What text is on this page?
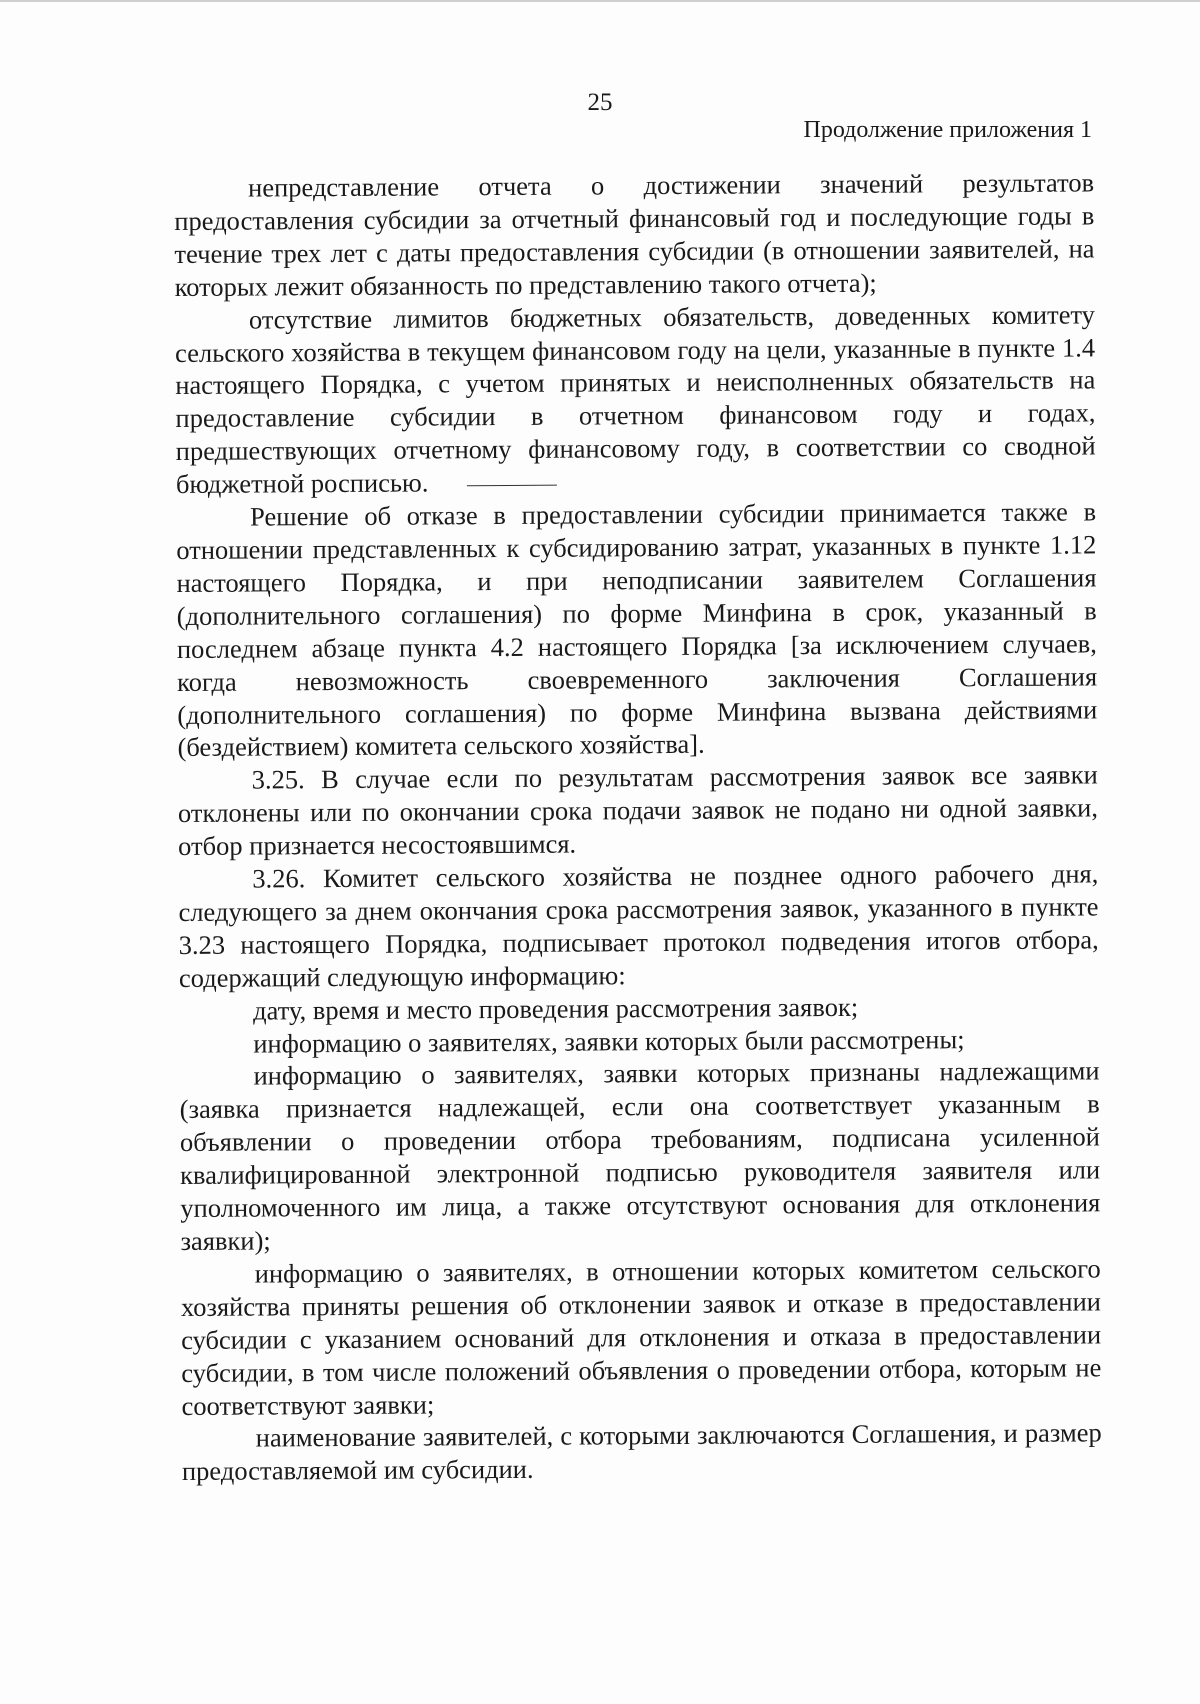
25
Продолжение приложения 1

непредставление отчета о достижении значений результатов предоставления субсидии за отчетный финансовый год и последующие годы в течение трех лет с даты предоставления субсидии (в отношении заявителей, на которых лежит обязанность по представлению такого отчета);

отсутствие лимитов бюджетных обязательств, доведенных комитету сельского хозяйства в текущем финансовом году на цели, указанные в пункте 1.4 настоящего Порядка, с учетом принятых и неисполненных обязательств на предоставление субсидии в отчетном финансовом году и годах, предшествующих отчетному финансовому году, в соответствии со сводной бюджетной росписью.

Решение об отказе в предоставлении субсидии принимается также в отношении представленных к субсидированию затрат, указанных в пункте 1.12 настоящего Порядка, и при неподписании заявителем Соглашения (дополнительного соглашения) по форме Минфина в срок, указанный в последнем абзаце пункта 4.2 настоящего Порядка [за исключением случаев, когда невозможность своевременного заключения Соглашения (дополнительного соглашения) по форме Минфина вызвана действиями (бездействием) комитета сельского хозяйства].

3.25. В случае если по результатам рассмотрения заявок все заявки отклонены или по окончании срока подачи заявок не подано ни одной заявки, отбор признается несостоявшимся.

3.26. Комитет сельского хозяйства не позднее одного рабочего дня, следующего за днем окончания срока рассмотрения заявок, указанного в пункте 3.23 настоящего Порядка, подписывает протокол подведения итогов отбора, содержащий следующую информацию:

дату, время и место проведения рассмотрения заявок;

информацию о заявителях, заявки которых были рассмотрены;

информацию о заявителях, заявки которых признаны надлежащими (заявка признается надлежащей, если она соответствует указанным в объявлении о проведении отбора требованиям, подписана усиленной квалифицированной электронной подписью руководителя заявителя или уполномоченного им лица, а также отсутствуют основания для отклонения заявки);

информацию о заявителях, в отношении которых комитетом сельского хозяйства приняты решения об отклонении заявок и отказе в предоставлении субсидии с указанием оснований для отклонения и отказа в предоставлении субсидии, в том числе положений объявления о проведении отбора, которым не соответствуют заявки;

наименование заявителей, с которыми заключаются Соглашения, и размер предоставляемой им субсидии.
